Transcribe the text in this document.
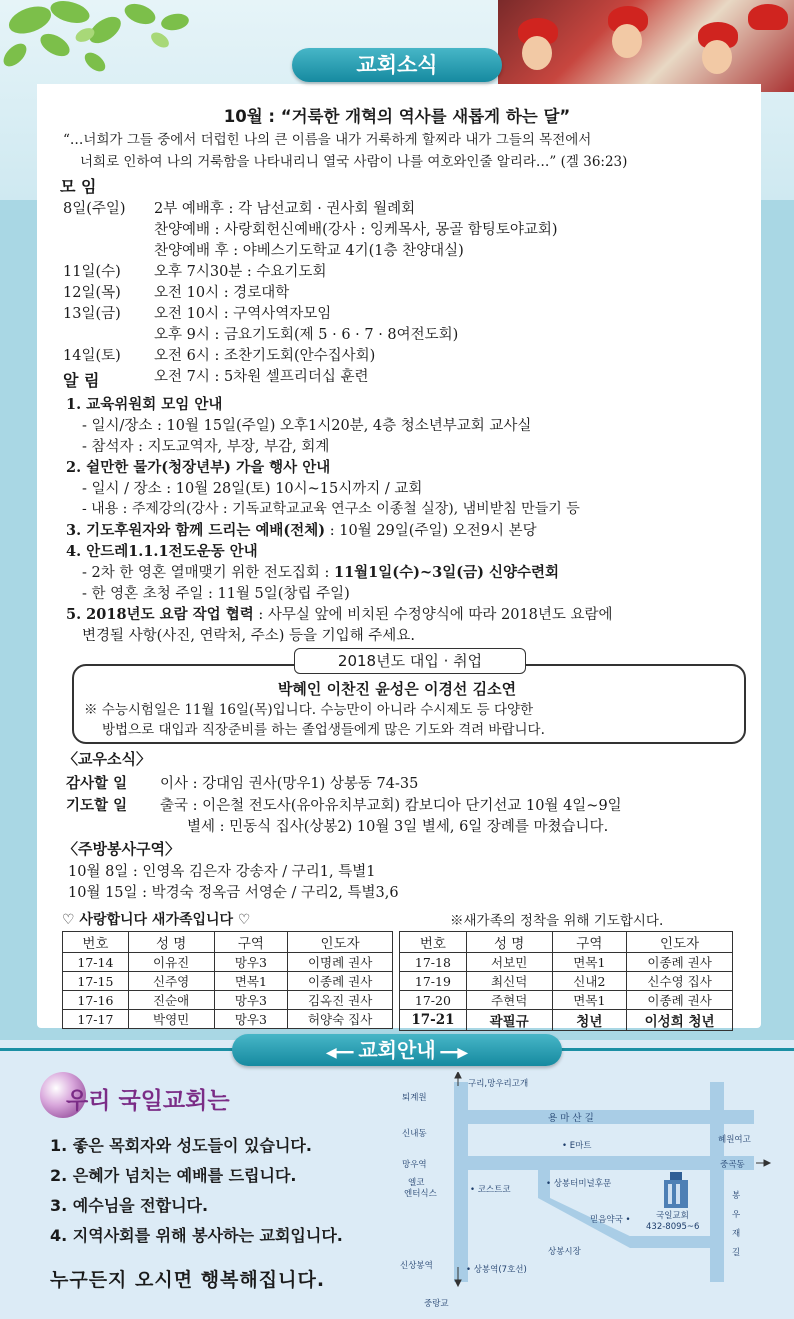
교회소식
10월 : “거룩한 개혁의 역사를 새롭게 하는 달”
“…너희가 그들 중에서 더럽힌 나의 큰 이름을 내가 거룩하게 할찌라 내가 그들의 목전에서
너희로 인하여 나의 거룩함을 나타내리니 열국 사람이 나를 여호와인줄 알리라…” (겔 36:23)
모 임
8일(주일) 2부 예배후 : 각 남선교회 · 권사회 월례회
찬양예배 : 사랑회헌신예배(강사 : 잉케목사, 몽골 함팅토야교회)
찬양예배 후 : 야베스기도학교 4기(1층 찬양대실)
11일(수) 오후 7시30분 : 수요기도회
12일(목) 오전 10시 : 경로대학
13일(금) 오전 10시 : 구역사역자모임
오후 9시 : 금요기도회(제 5 · 6 · 7 · 8여전도회)
14일(토) 오전 6시 : 조찬기도회(안수집사회)
오전 7시 : 5차원 셀프리더십 훈련
알 림
1. 교육위원회 모임 안내
- 일시/장소 : 10월 15일(주일) 오후1시20분, 4층 청소년부교회 교사실
- 참석자 : 지도교역자, 부장, 부감, 회계
2. 쉴만한 물가(청장년부) 가을 행사 안내
- 일시 / 장소 : 10월 28일(토) 10시~15시까지 / 교회
- 내용 : 주제강의(강사 : 기독교학교교육 연구소 이종철 실장), 냄비받침 만들기 등
3. 기도후원자와 함께 드리는 예배(전체) : 10월 29일(주일) 오전9시 본당
4. 안드레1.1.1전도운동 안내
- 2차 한 영혼 열매맺기 위한 전도집회 : 11월1일(수)~3일(금) 신양수련회
- 한 영혼 초청 주일 : 11월 5일(창립 주일)
5. 2018년도 요람 작업 협력 : 사무실 앞에 비치된 수정양식에 따라 2018년도 요람에
변경될 사항(사진, 연락처, 주소) 등을 기입해 주세요.
2018년도 대입 · 취업
박혜인 이찬진 윤성은 이경선 김소연
※ 수능시험일은 11월 16일(목)입니다. 수능만이 아니라 수시제도 등 다양한
방법으로 대입과 직장준비를 하는 졸업생들에게 많은 기도와 격려 바랍니다.
〈교우소식〉
감사할 일 이사 : 강대임 권사(망우1) 상봉동 74-35
기도할 일 출국 : 이은철 전도사(유아유치부교회) 캄보디아 단기선교 10월 4일~9일
별세 : 민동식 집사(상봉2) 10월 3일 별세, 6일 장례를 마쳤습니다.
〈주방봉사구역〉
10월 8일 : 인영옥 김은자 강송자 / 구리1, 특별1
10월 15일 : 박경숙 정옥금 서영순 / 구리2, 특별3,6
♡ 사랑합니다 새가족입니다 ♡	※새가족의 정착을 위해 기도합시다.
번호	성 명	구역	인도자
17-14	이유진	망우3	이명례 권사
17-15	신주영	면목1	이종례 권사
17-16	진순애	망우3	김옥진 권사
17-17	박영민	망우3	허양숙 집사
번호	성 명	구역	인도자
17-18	서보민	면목1	이종례 권사
17-19	최신덕	신내2	신수영 집사
17-20	주현덕	면목1	이종례 권사
17-21	곽필규	청년	이성희 청년
◀━━ 교회안내 ━━▶
우리 국일교회는
1. 좋은 목회자와 성도들이 있습니다.
2. 은혜가 넘치는 예배를 드립니다.
3. 예수님을 전합니다.
4. 지역사회를 위해 봉사하는 교회입니다.
누구든지 오시면 행복해집니다.
퇴계원
구리,망우리고개
용 마 산 길
신내동
• E마트
혜원여고
망우역	중곡동
엘코
엔터식스	• 코스트코
• 상봉터미널후문
국일교회
432-8095~6
믿음약국 •
봉
우
재
길
상봉시장
신상봉역	• 상봉역(7호선)
중랑교
